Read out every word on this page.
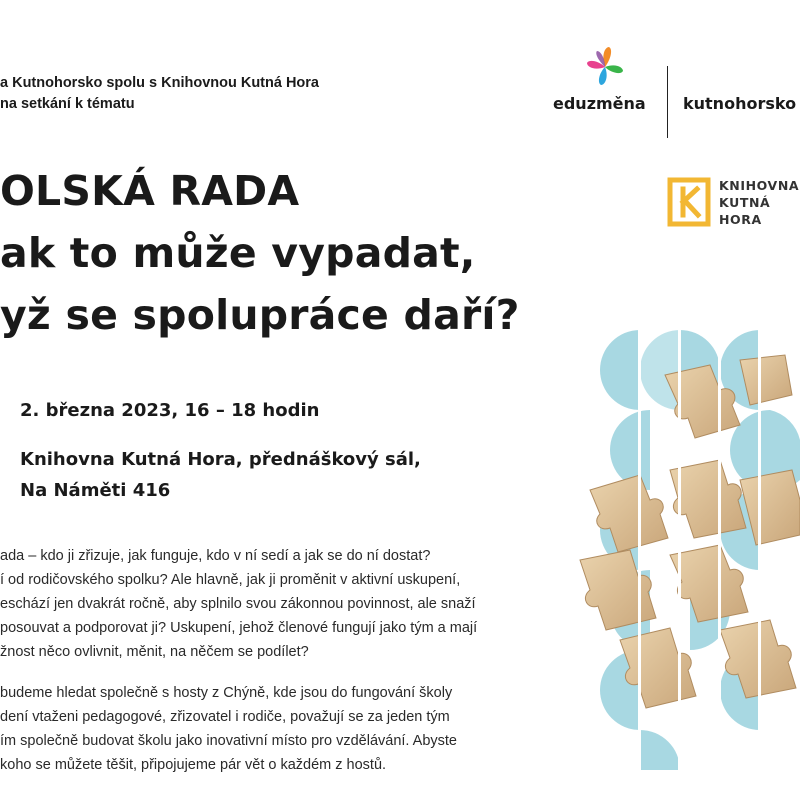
a Kutnohorsko spolu s Knihovnou Kutná Hora
na setkání k tématu	eduzměna kutnohorsko
KNIHOVNA
KUTNÁ
HORA
OLSKÁ RADA
ak to může vypadat,
yž se spolupráce daří?
2. března 2023, 16 – 18 hodin
Knihovna Kutná Hora, přednáškový sál,
Na Náměti 416
ada – kdo ji zřizuje, jak funguje, kdo v ní sedí a jak se do ní dostat?
í od rodičovského spolku? Ale hlavně, jak ji proměnit v aktivní uskupení,
eschází jen dvakrát ročně, aby splnilo svou zákonnou povinnost, ale snaží
posouvat a podporovat ji? Uskupení, jehož členové fungují jako tým a mají
žnost něco ovlivnit, měnit, na něčem se podílet?
budeme hledat společně s hosty z Chýně, kde jsou do fungování školy
dení vtaženi pedagogové, zřizovatel i rodiče, považují se za jeden tým
ím společně budovat školu jako inovativní místo pro vzdělávání. Abyste
koho se můžete těšit, připojujeme pár vět o každém z hostů.
